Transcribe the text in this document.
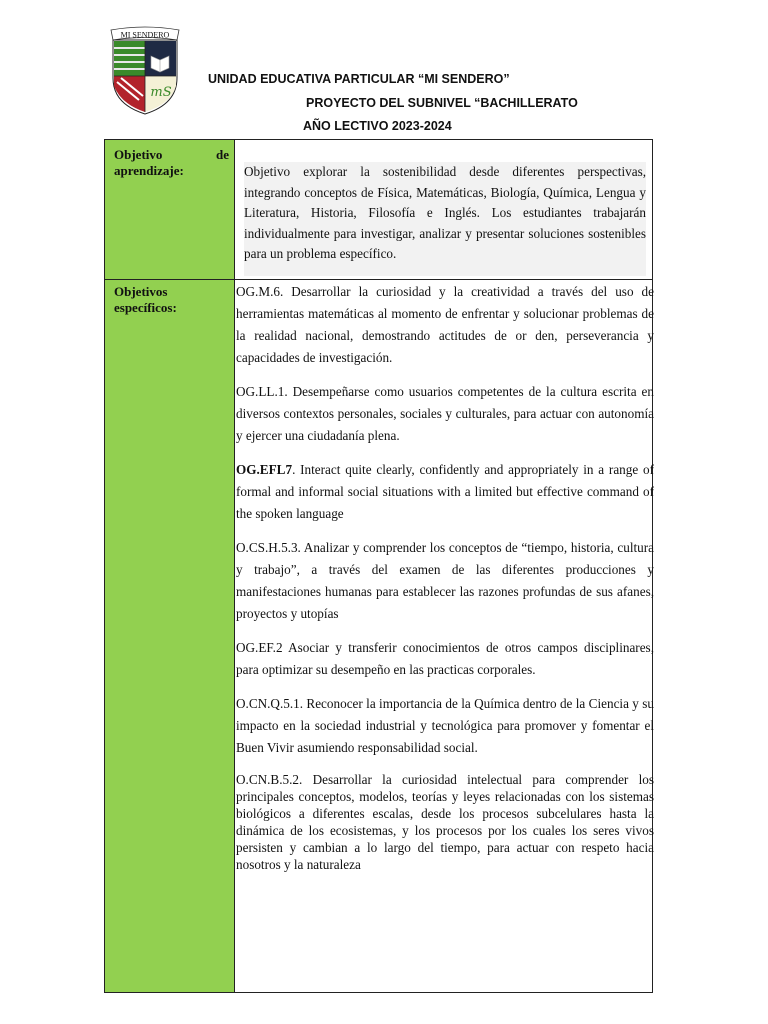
MI SENDERO
mS
UNIDAD EDUCATIVA PARTICULAR “MI SENDERO”
PROYECTO DEL SUBNIVEL “BACHILLERATO
AÑO LECTIVO 2023-2024
Objetivo	de
aprendizaje:	Objetivo explorar la sostenibilidad desde diferentes perspectivas, integrando conceptos de Física, Matemáticas, Biología, Química, Lengua y Literatura, Historia, Filosofía e Inglés. Los estudiantes trabajarán individualmente para investigar, analizar y presentar soluciones sostenibles para un problema específico.
Objetivos
específicos:

OG.M.6. Desarrollar la curiosidad y la creatividad a través del uso de herramientas matemáticas al momento de enfrentar y solucionar problemas de la realidad nacional, demostrando actitudes de or den, perseverancia y capacidades de investigación.

OG.LL.1. Desempeñarse como usuarios competentes de la cultura escrita en diversos contextos personales, sociales y culturales, para actuar con autonomía y ejercer una ciudadanía plena.

OG.EFL7. Interact quite clearly, confidently and appropriately in a range of formal and informal social situations with a limited but effective command of the spoken language

O.CS.H.5.3. Analizar y comprender los conceptos de “tiempo, historia, cultura y trabajo”, a través del examen de las diferentes producciones y manifestaciones humanas para establecer las razones profundas de sus afanes, proyectos y utopías

OG.EF.2 Asociar y transferir conocimientos de otros campos disciplinares, para optimizar su desempeño en las practicas corporales.

O.CN.Q.5.1. Reconocer la importancia de la Química dentro de la Ciencia y su impacto en la sociedad industrial y tecnológica para promover y fomentar el Buen Vivir asumiendo responsabilidad social.

O.CN.B.5.2. Desarrollar la curiosidad intelectual para comprender los principales conceptos, modelos, teorías y leyes relacionadas con los sistemas biológicos a diferentes escalas, desde los procesos subcelulares hasta la dinámica de los ecosistemas, y los procesos por los cuales los seres vivos persisten y cambian a lo largo del tiempo, para actuar con respeto hacia nosotros y la naturaleza
